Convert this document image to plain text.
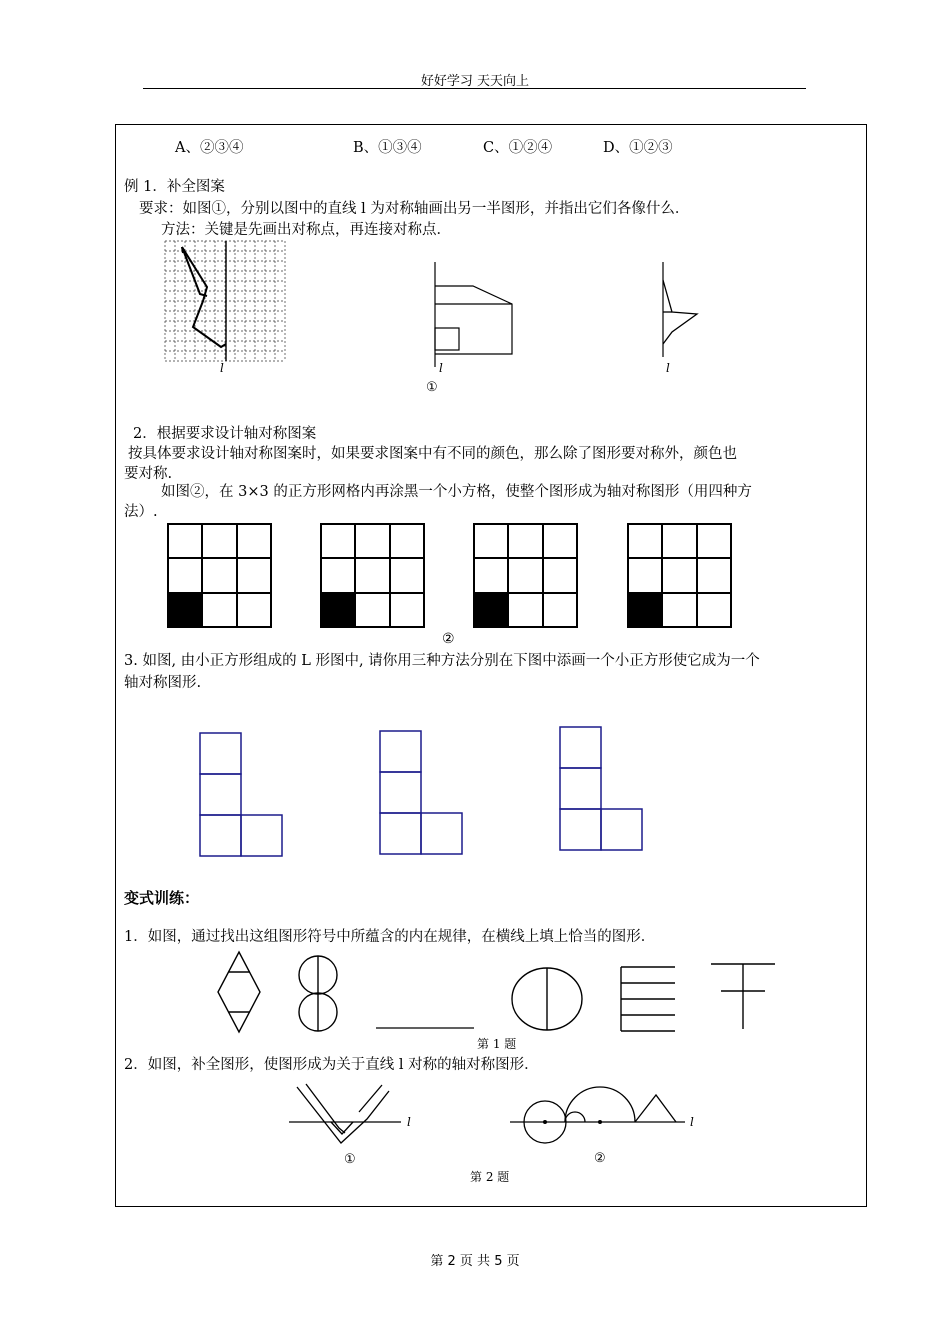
好好学习 天天向上
A、②③④	B、①③④	C、①②④	D、①②③
例 1．补全图案
要求：如图①，分别以图中的直线 l 为对称轴画出另一半图形，并指出它们各像什么．
方法：关键是先画出对称点，再连接对称点．
l	l
①
l
2．根据要求设计轴对称图案
按具体要求设计轴对称图案时，如果要求图案中有不同的颜色，那么除了图形要对称外，颜色也
要对称.
如图②，在 3×3 的正方形网格内再涂黑一个小方格，使整个图形成为轴对称图形（用四种方
法）.
②
3. 如图, 由小正方形组成的 L 形图中, 请你用三种方法分别在下图中添画一个小正方形使它成为一个
轴对称图形.
变式训练：
1．如图，通过找出这组图形符号中所蕴含的内在规律，在横线上填上恰当的图形．
第 1 题
2．如图，补全图形，使图形成为关于直线 l 对称的轴对称图形．
l
①
l
②
第 2 题
第 2 页 共 5 页
